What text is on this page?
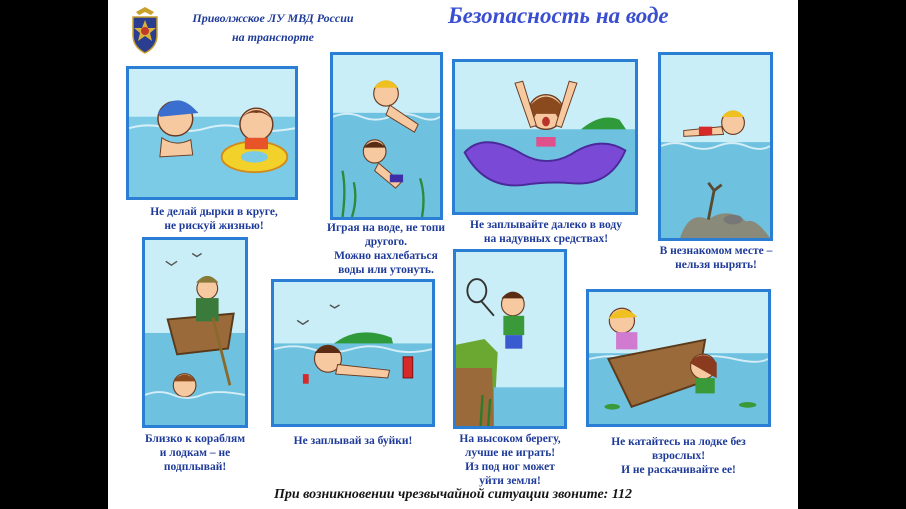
Приволжское ЛУ МВД России
на транспорте
Безопасность на воде
Не делай дырки в круге,
не рискуй жизнью!	Играя на воде, не топи
другого.
Можно нахлебаться
воды или утонуть.
Не заплывайте далеко в воду
на надувных средствах!
В незнакомом месте –
нельзя нырять!
Близко к кораблям
и лодкам – не
подплывай!
Не заплывай за буйки!	На высоком берегу,
лучше не играть!
Из под ног может
уйти земля!
Не катайтесь на лодке без
взрослых!
И не раскачивайте ее!
При возникновении чрезвычайной ситуации звоните: 112
